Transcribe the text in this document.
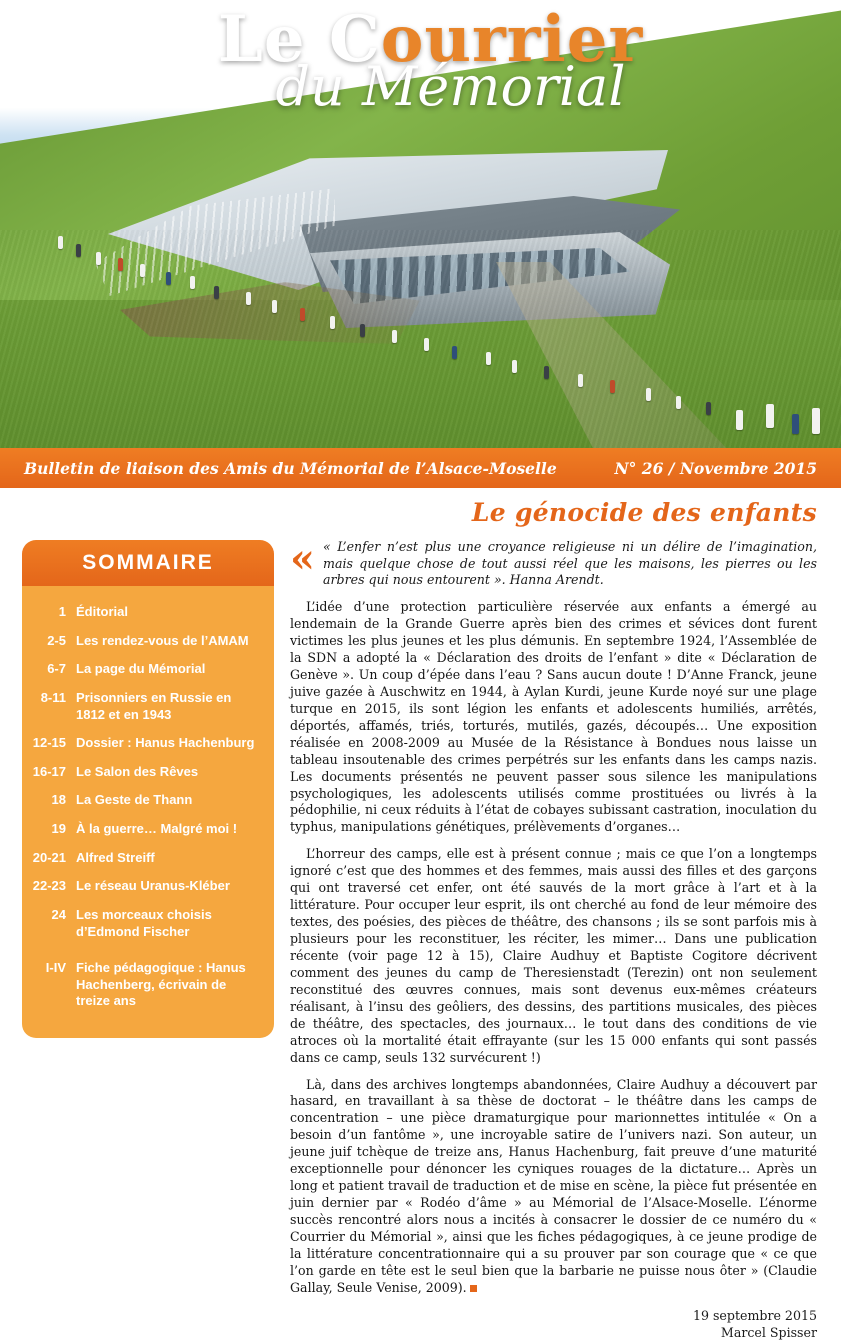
Le Courrier
du Mémorial
Bulletin de liaison des Amis du Mémorial de l’Alsace-Moselle	N° 26 / Novembre 2015
SOMMAIRE
1 Éditorial
2-5 Les rendez-vous de l’AMAM
6-7 La page du Mémorial
8-11 Prisonniers en Russie en 1812 et en 1943
12-15 Dossier : Hanus Hachenburg
16-17 Le Salon des Rêves
18 La Geste de Thann
19 À la guerre… Malgré moi !
20-21 Alfred Streiff
22-23 Le réseau Uranus-Kléber
24 Les morceaux choisis d’Edmond Fischer
I-IV Fiche pédagogique : Hanus Hachenberg, écrivain de treize ans
Le génocide des enfants
« « L’enfer n’est plus une croyance religieuse ni un délire de l’imagination, mais quelque chose de tout aussi réel que les maisons, les pierres ou les arbres qui nous entourent ». Hanna Arendt.

L’idée d’une protection particulière réservée aux enfants a émergé au lendemain de la Grande Guerre après bien des crimes et sévices dont furent victimes les plus jeunes et les plus démunis. En septembre 1924, l’Assemblée de la SDN a adopté la « Déclaration des droits de l’enfant » dite « Déclaration de Genève ». Un coup d’épée dans l’eau ? Sans aucun doute ! D’Anne Franck, jeune juive gazée à Auschwitz en 1944, à Aylan Kurdi, jeune Kurde noyé sur une plage turque en 2015, ils sont légion les enfants et adolescents humiliés, arrêtés, déportés, affamés, triés, torturés, mutilés, gazés, découpés… Une exposition réalisée en 2008-2009 au Musée de la Résistance à Bondues nous laisse un tableau insoutenable des crimes perpétrés sur les enfants dans les camps nazis. Les documents présentés ne peuvent passer sous silence les manipulations psychologiques, les adolescents utilisés comme prostituées ou livrés à la pédophilie, ni ceux réduits à l’état de cobayes subissant castration, inoculation du typhus, manipulations génétiques, prélèvements d’organes…

L’horreur des camps, elle est à présent connue ; mais ce que l’on a longtemps ignoré c’est que des hommes et des femmes, mais aussi des filles et des garçons qui ont traversé cet enfer, ont été sauvés de la mort grâce à l’art et à la littérature. Pour occuper leur esprit, ils ont cherché au fond de leur mémoire des textes, des poésies, des pièces de théâtre, des chansons ; ils se sont parfois mis à plusieurs pour les reconstituer, les réciter, les mimer… Dans une publication récente (voir page 12 à 15), Claire Audhuy et Baptiste Cogitore décrivent comment des jeunes du camp de Theresienstadt (Terezin) ont non seulement reconstitué des œuvres connues, mais sont devenus eux-mêmes créateurs réalisant, à l’insu des geôliers, des dessins, des partitions musicales, des pièces de théâtre, des spectacles, des journaux… le tout dans des conditions de vie atroces où la mortalité était effrayante (sur les 15 000 enfants qui sont passés dans ce camp, seuls 132 survécurent !)

Là, dans des archives longtemps abandonnées, Claire Audhuy a découvert par hasard, en travaillant à sa thèse de doctorat – le théâtre dans les camps de concentration – une pièce dramaturgique pour marionnettes intitulée « On a besoin d’un fantôme », une incroyable satire de l’univers nazi. Son auteur, un jeune juif tchèque de treize ans, Hanus Hachenburg, fait preuve d’une maturité exceptionnelle pour dénoncer les cyniques rouages de la dictature… Après un long et patient travail de traduction et de mise en scène, la pièce fut présentée en juin dernier par « Rodéo d’âme » au Mémorial de l’Alsace-Moselle. L’énorme succès rencontré alors nous a incités à consacrer le dossier de ce numéro du « Courrier du Mémorial », ainsi que les fiches pédagogiques, à ce jeune prodige de la littérature concentrationnaire qui a su prouver par son courage que « ce que l’on garde en tête est le seul bien que la barbarie ne puisse nous ôter » (Claudie Gallay, Seule Venise, 2009).

19 septembre 2015
Marcel Spisser
